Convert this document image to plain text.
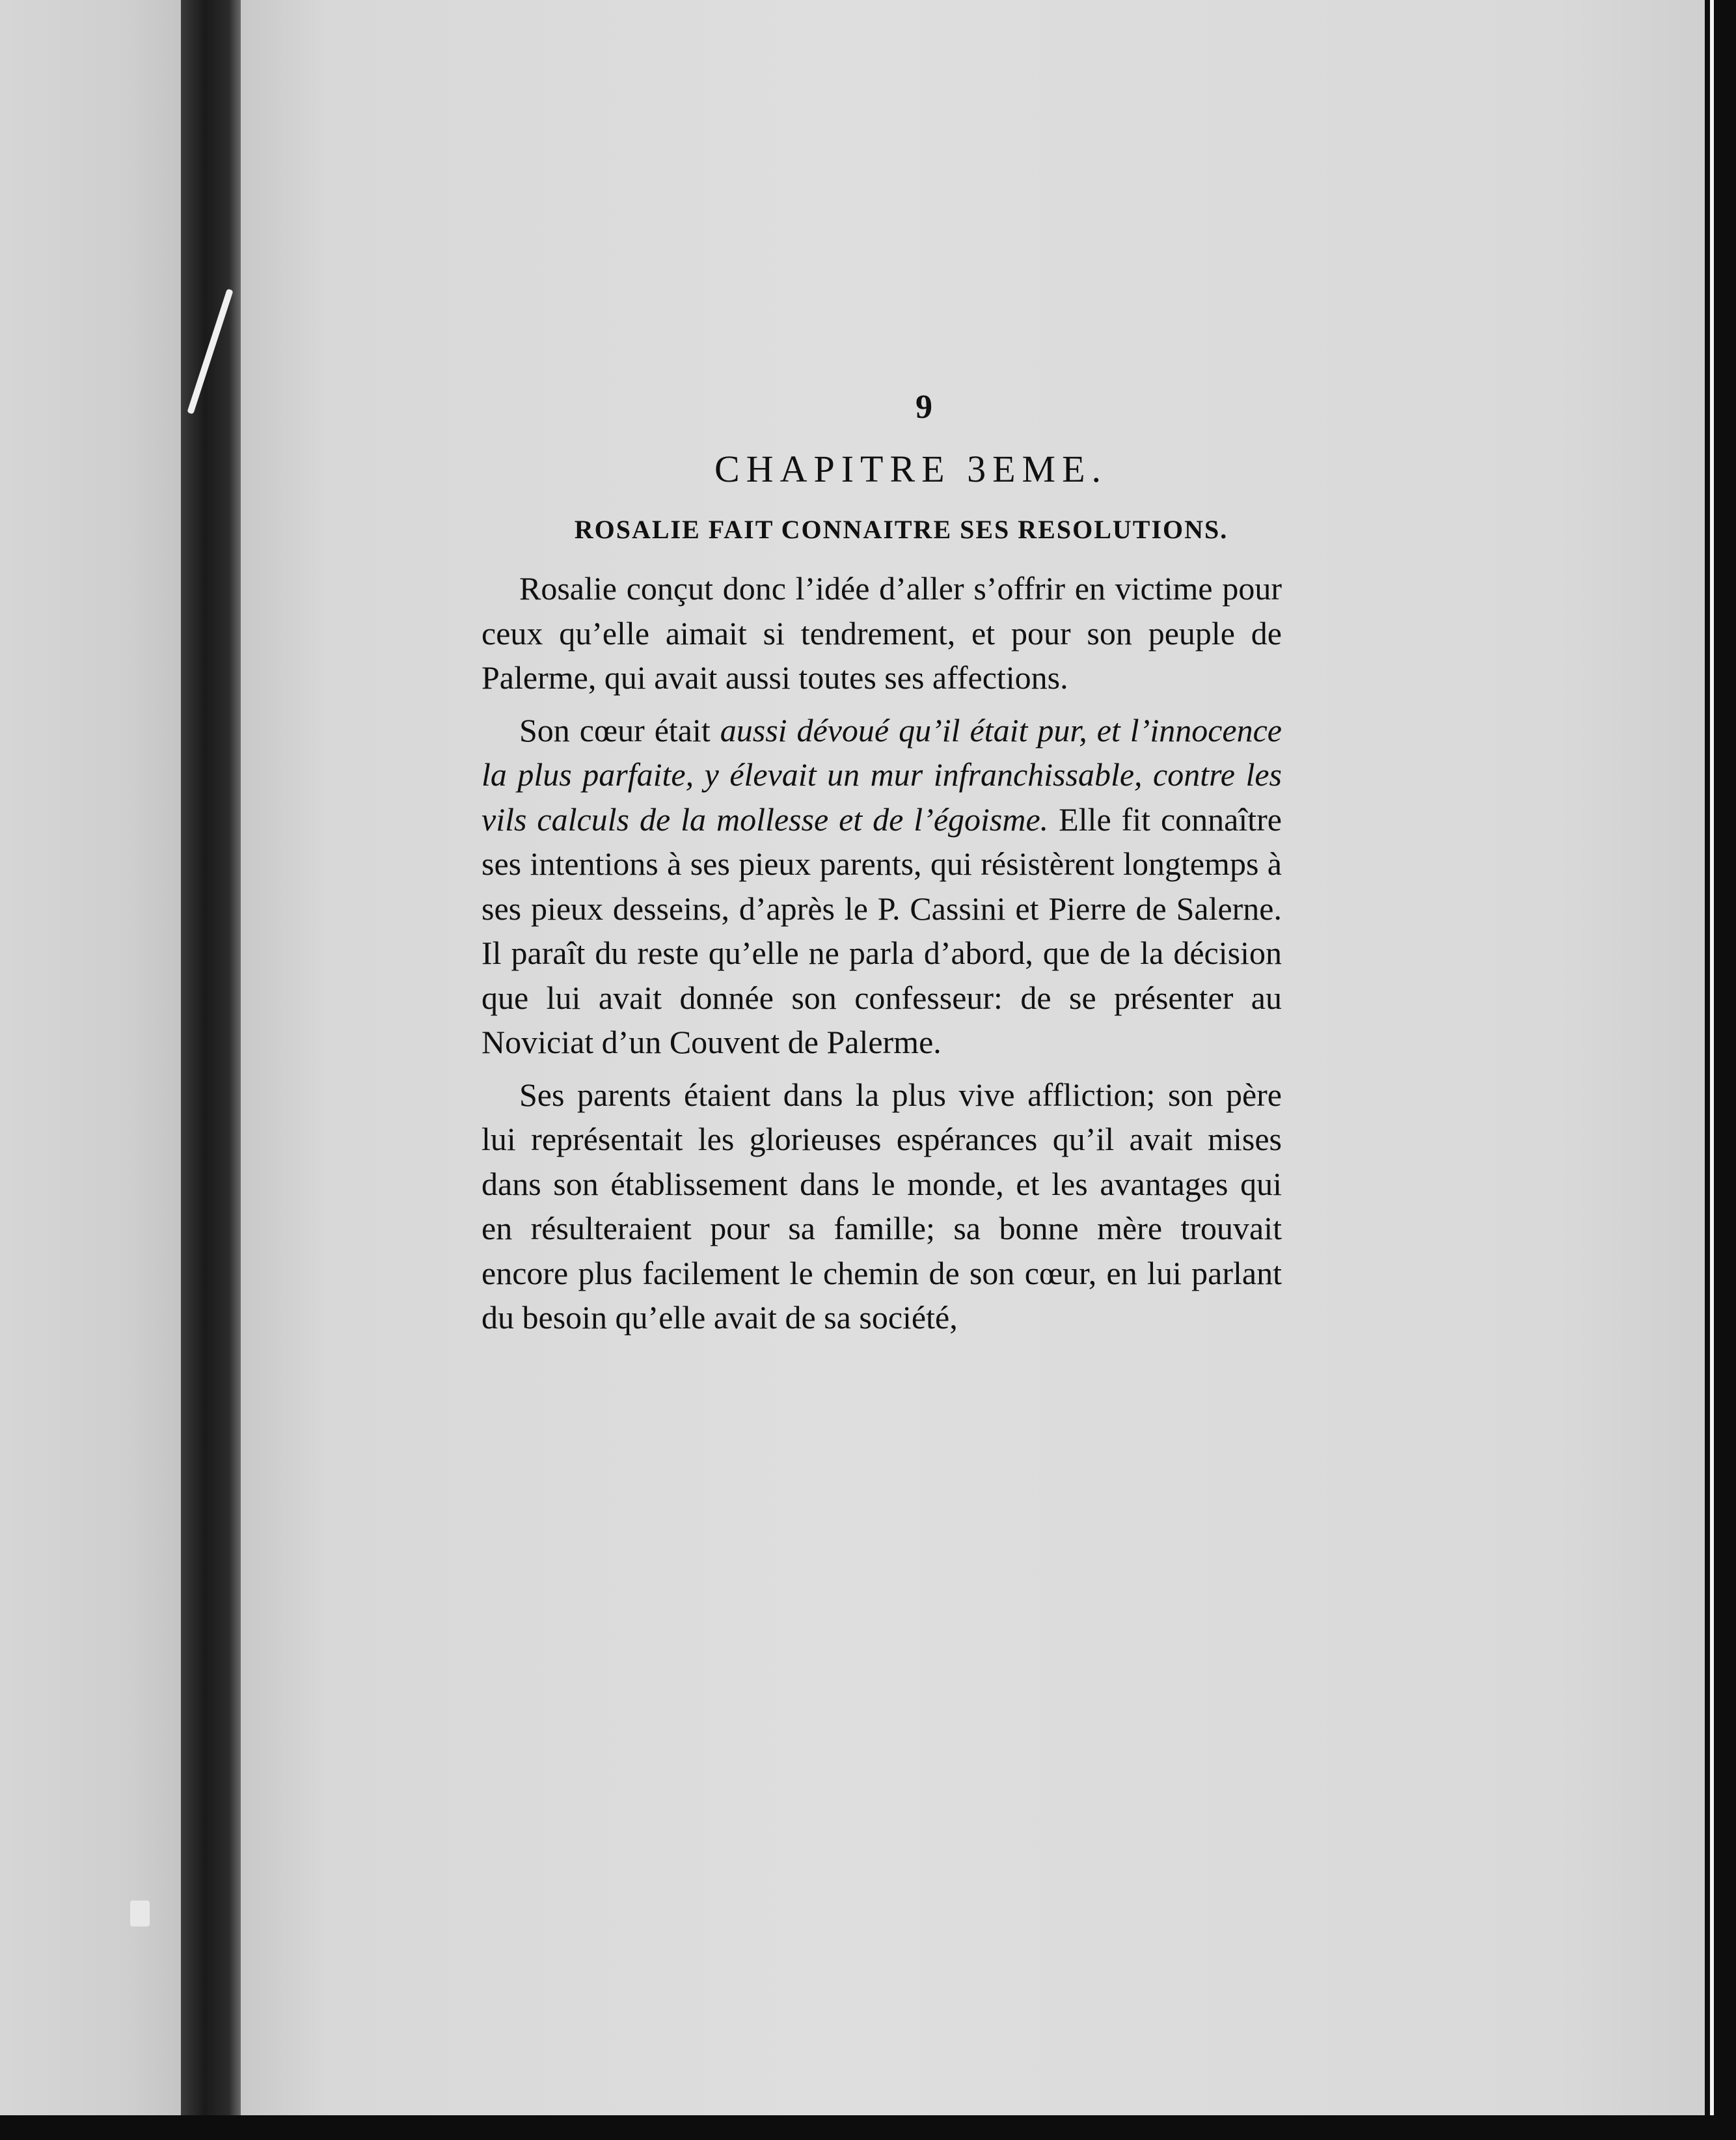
9
CHAPITRE 3EME.
ROSALIE FAIT CONNAITRE SES RESOLUTIONS.

Rosalie conçut donc l’idée d’aller s’offrir en victime pour ceux qu’elle aimait si tendrement, et pour son peuple de Palerme, qui avait aussi toutes ses affections.

Son cœur était aussi dévoué qu’il était pur, et l’innocence la plus parfaite, y élevait un mur infranchissable, contre les vils calculs de la mollesse et de l’égoisme. Elle fit connaître ses intentions à ses pieux parents, qui résistèrent longtemps à ses pieux desseins, d’après le P. Cassini et Pierre de Salerne. Il paraît du reste qu’elle ne parla d’abord, que de la décision que lui avait donnée son confesseur: de se présenter au Noviciat d’un Couvent de Palerme.

Ses parents étaient dans la plus vive affliction; son père lui représentait les glorieuses espérances qu’il avait mises dans son établissement dans le monde, et les avantages qui en résulteraient pour sa famille; sa bonne mère trouvait encore plus facilement le chemin de son cœur, en lui parlant du besoin qu’elle avait de sa société,
